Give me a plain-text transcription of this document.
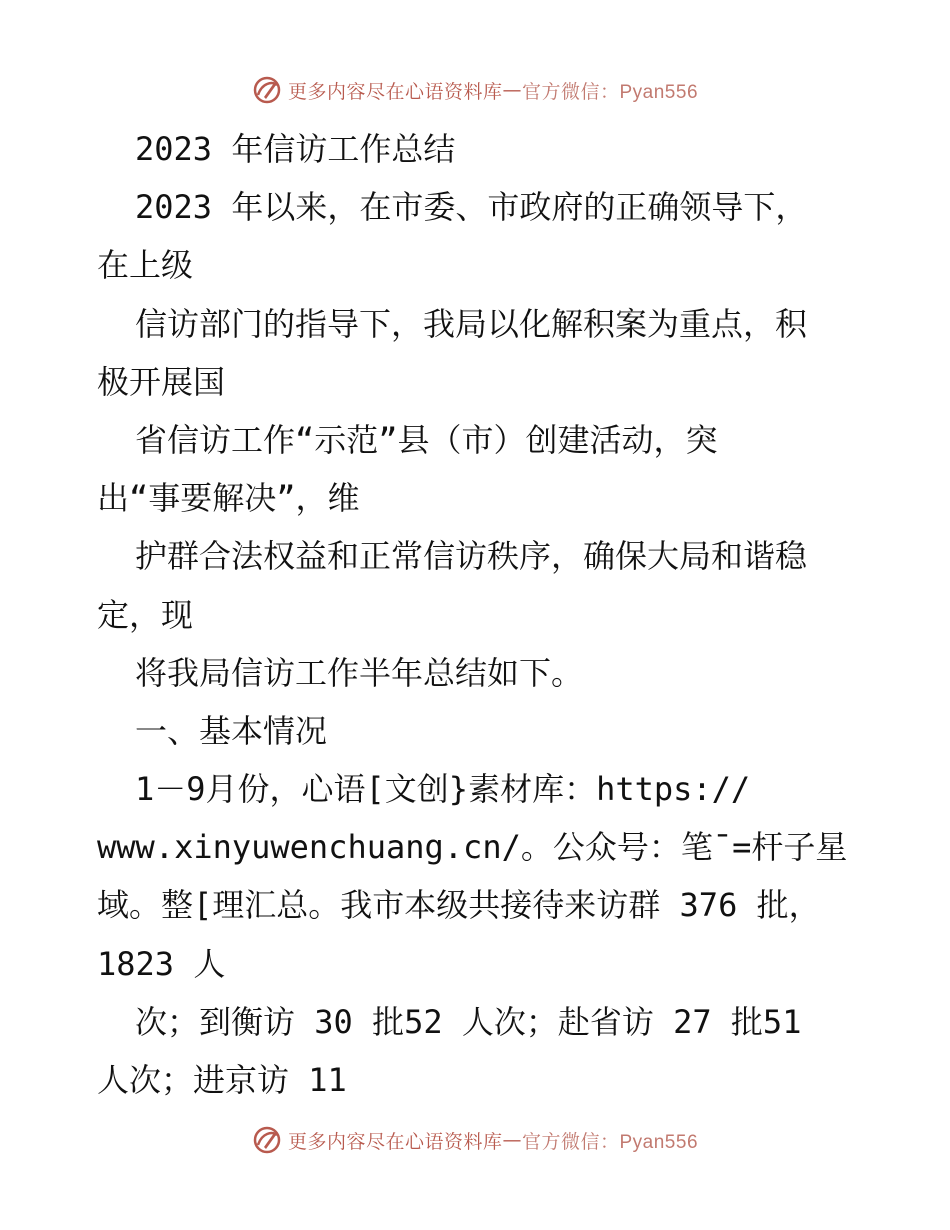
更多内容尽在心语资料库 — 官方微信：Pyan556
2023 年信访工作总结
2023 年以来，在市委、市政府的正确领导下，
在上级
信访部门的指导下，我局以化解积案为重点，积
极开展国
省信访工作“示范”县（市）创建活动，突
出“事要解决”，维
护群合法权益和正常信访秩序，确保大局和谐稳
定，现
将我局信访工作半年总结如下。
一、基本情况
1－9月份，心语[文创}素材库：https://
www.xinyuwenchuang.cn/。公众号：笔¯=杆子星
域。整[理汇总。我市本级共接待来访群 376 批，
1823 人
次；到衡访 30 批52 人次；赴省访 27 批51
人次；进京访 11
更多内容尽在心语资料库 — 官方微信：Pyan556
